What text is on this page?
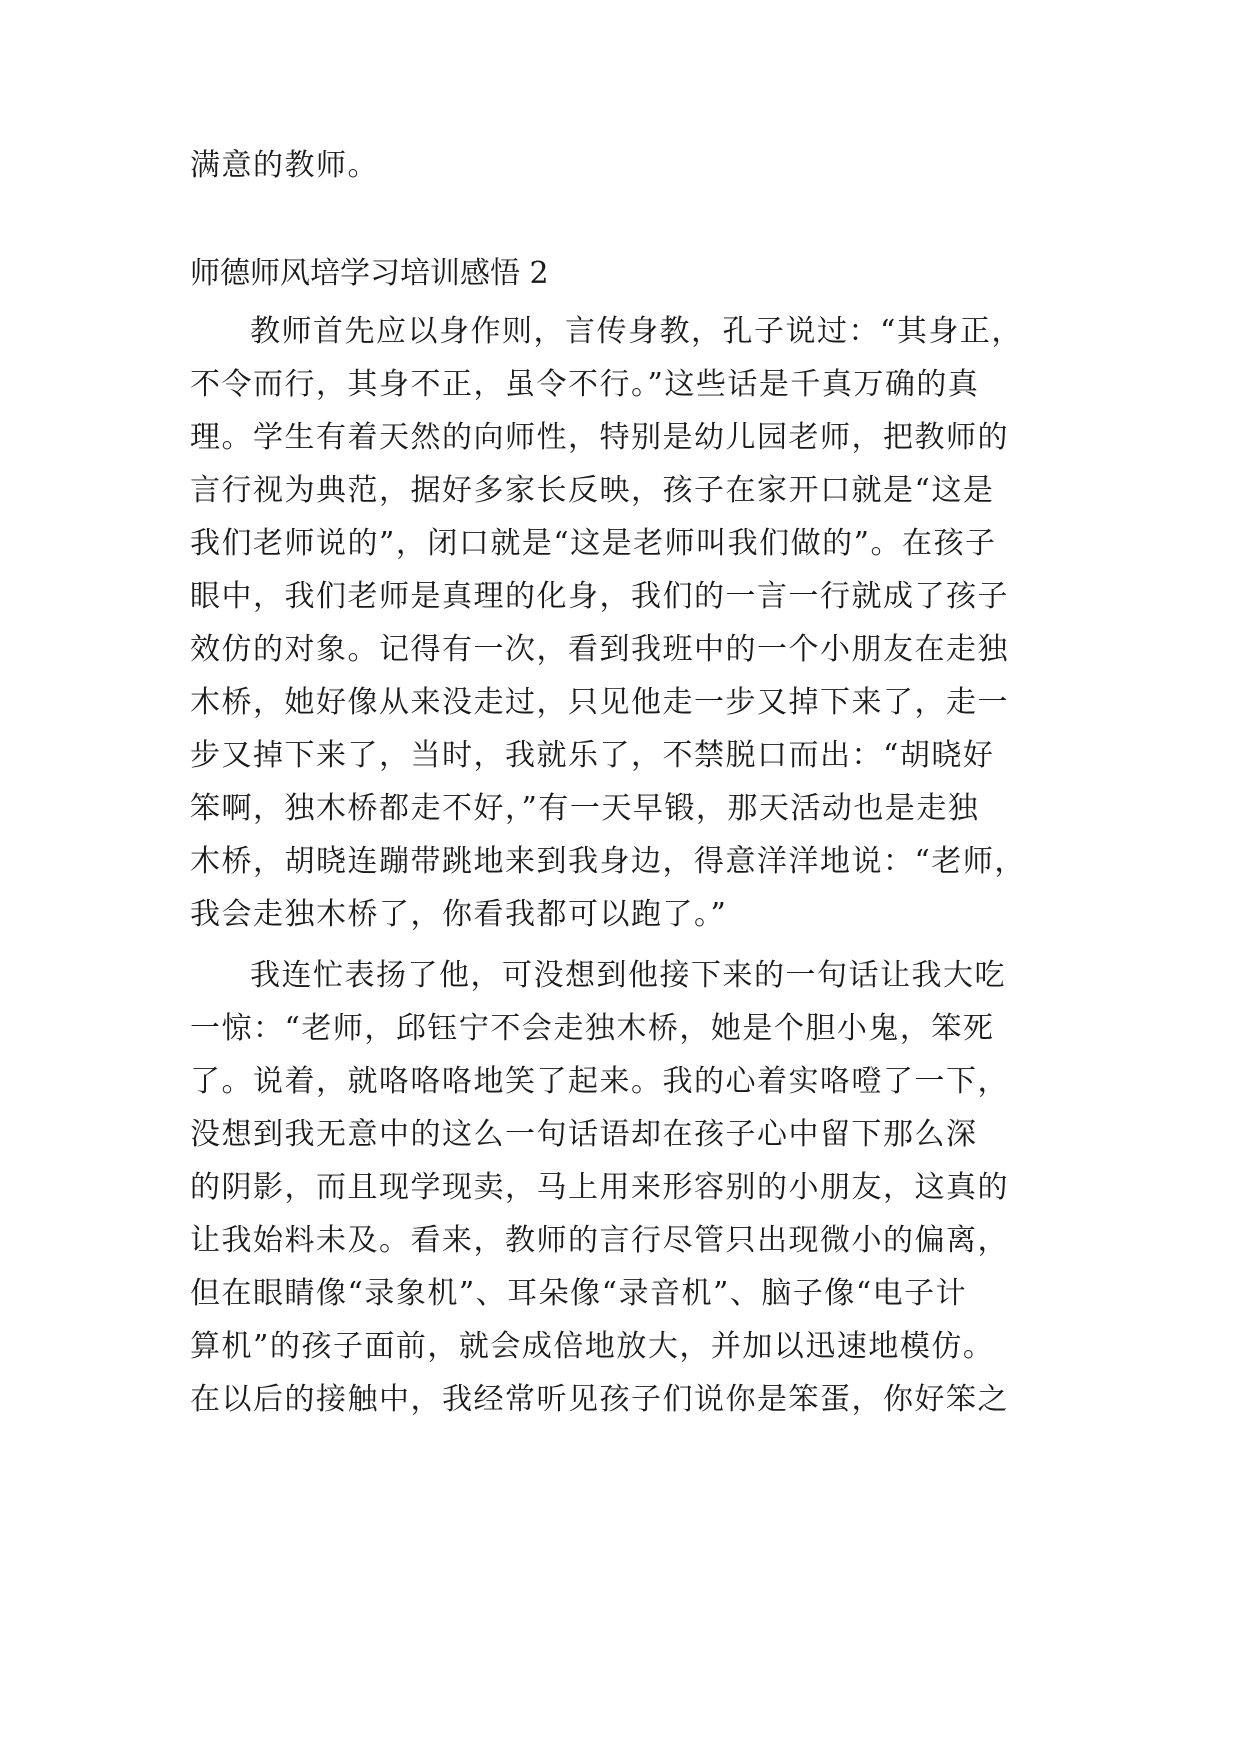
满意的教师。
师德师风培学习培训感悟 2
教师首先应以身作则，言传身教，孔子说过：“其身正，
不令而行，其身不正，虽令不行。”这些话是千真万确的真
理。学生有着天然的向师性，特别是幼儿园老师，把教师的
言行视为典范，据好多家长反映，孩子在家开口就是“这是
我们老师说的”，闭口就是“这是老师叫我们做的”。在孩子
眼中，我们老师是真理的化身，我们的一言一行就成了孩子
效仿的对象。记得有一次，看到我班中的一个小朋友在走独
木桥，她好像从来没走过，只见他走一步又掉下来了，走一
步又掉下来了，当时，我就乐了，不禁脱口而出：“胡晓好
笨啊，独木桥都走不好，”有一天早锻，那天活动也是走独
木桥，胡晓连蹦带跳地来到我身边，得意洋洋地说：“老师，
我会走独木桥了，你看我都可以跑了。”
我连忙表扬了他，可没想到他接下来的一句话让我大吃
一惊：“老师，邱钰宁不会走独木桥，她是个胆小鬼，笨死
了。说着，就咯咯咯地笑了起来。我的心着实咯噔了一下，
没想到我无意中的这么一句话语却在孩子心中留下那么深
的阴影，而且现学现卖，马上用来形容别的小朋友，这真的
让我始料未及。看来，教师的言行尽管只出现微小的偏离，
但在眼睛像“录象机”、耳朵像“录音机”、脑子像“电子计
算机”的孩子面前，就会成倍地放大，并加以迅速地模仿。
在以后的接触中，我经常听见孩子们说你是笨蛋，你好笨之
